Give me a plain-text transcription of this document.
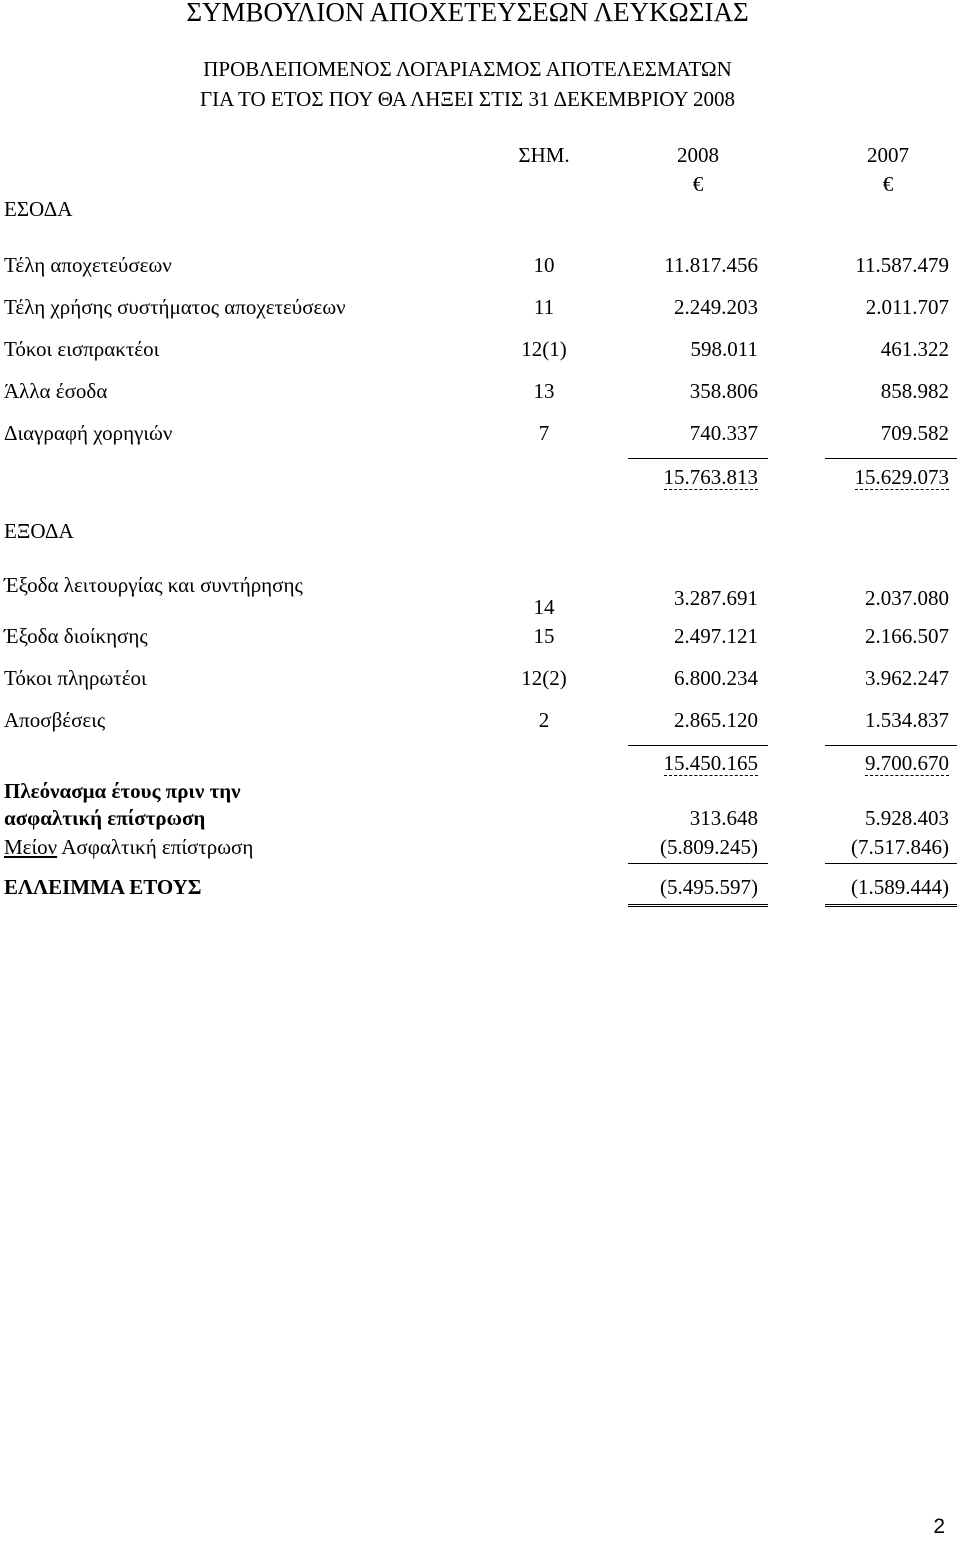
ΣΥΜΒΟΥΛΙΟΝ ΑΠΟΧΕΤΕΥΣΕΩΝ ΛΕΥΚΩΣΙΑΣ
ΠΡΟΒΛΕΠΟΜΕΝΟΣ ΛΟΓΑΡΙΑΣΜΟΣ ΑΠΟΤΕΛΕΣΜΑΤΩΝ
ΓΙΑ ΤΟ ΕΤΟΣ ΠΟΥ ΘΑ ΛΗΞΕΙ ΣΤΙΣ 31 ΔΕΚΕΜΒΡΙΟΥ 2008
ΣΗΜ.	2008	2007
€	€
ΕΣΟΔΑ
Τέλη αποχετεύσεων	10	11.817.456	11.587.479
Τέλη χρήσης συστήματος αποχετεύσεων	11	2.249.203	2.011.707
Τόκοι εισπρακτέοι	12(1)	598.011	461.322
Άλλα έσοδα	13	358.806	858.982
Διαγραφή χορηγιών	7	740.337	709.582
15.763.813	15.629.073
ΕΞΟΔΑ
Έξοδα λειτουργίας και συντήρησης
14	3.287.691	2.037.080
Έξοδα διοίκησης	15	2.497.121	2.166.507
Τόκοι πληρωτέοι	12(2)	6.800.234	3.962.247
Αποσβέσεις	2	2.865.120	1.534.837
15.450.165	9.700.670
Πλεόνασμα έτους πριν την
ασφαλτική επίστρωση	313.648	5.928.403
Μείον Ασφαλτική επίστρωση	(5.809.245)	(7.517.846)
ΕΛΛΕΙΜΜΑ ΕΤΟΥΣ	(5.495.597)	(1.589.444)
2
